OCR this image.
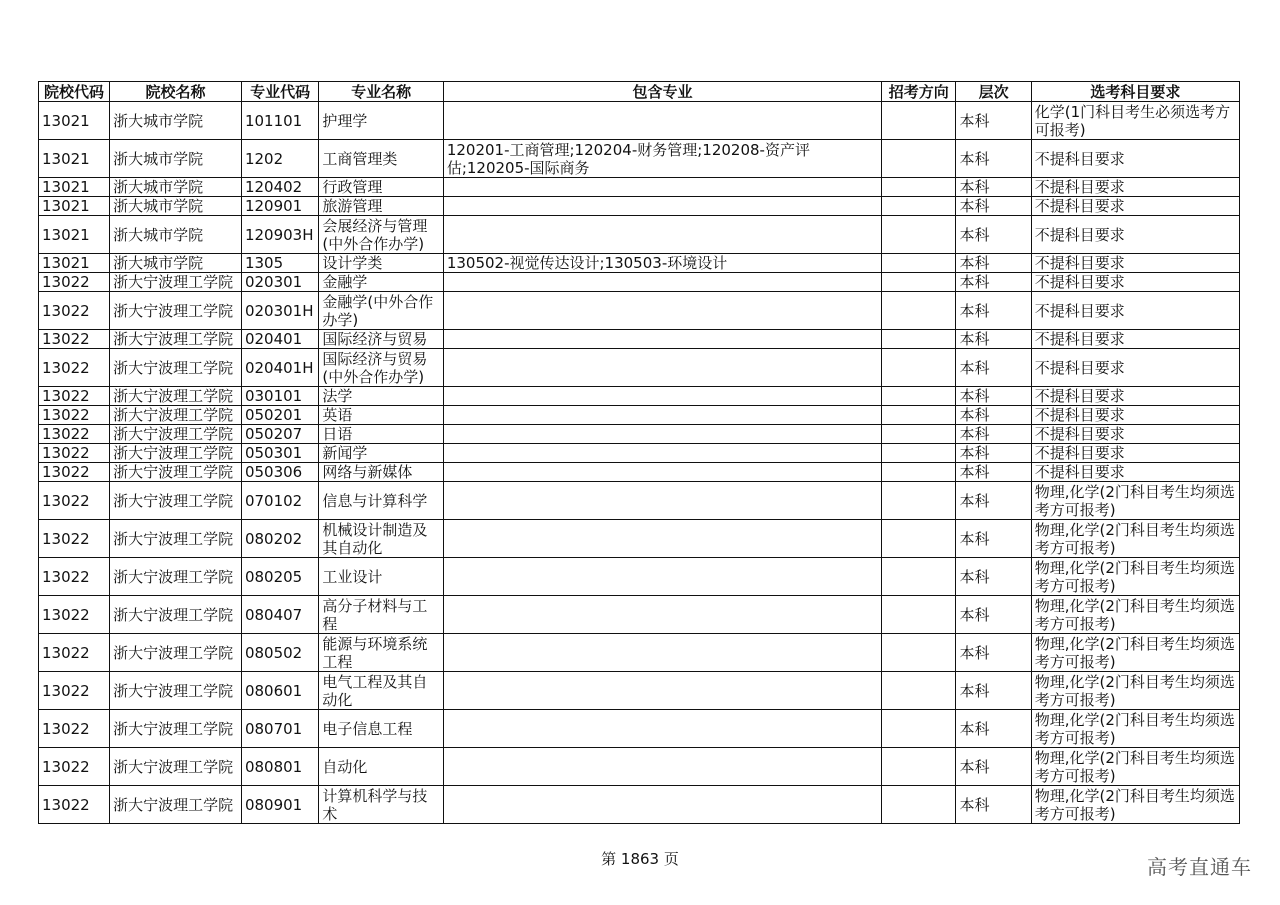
院校代码	院校名称	专业代码	专业名称	包含专业	招考方向	层次	选考科目要求
13021	浙大城市学院	101101	护理学			本科	化学(1门科目考生必须选考方可报考)
13021	浙大城市学院	1202	工商管理类	120201-工商管理;120204-财务管理;120208-资产评估;120205-国际商务		本科	不提科目要求
13021	浙大城市学院	120402	行政管理			本科	不提科目要求
13021	浙大城市学院	120901	旅游管理			本科	不提科目要求
13021	浙大城市学院	120903H	会展经济与管理(中外合作办学)			本科	不提科目要求
13021	浙大城市学院	1305	设计学类	130502-视觉传达设计;130503-环境设计		本科	不提科目要求
13022	浙大宁波理工学院	020301	金融学			本科	不提科目要求
13022	浙大宁波理工学院	020301H	金融学(中外合作办学)			本科	不提科目要求
13022	浙大宁波理工学院	020401	国际经济与贸易			本科	不提科目要求
13022	浙大宁波理工学院	020401H	国际经济与贸易(中外合作办学)			本科	不提科目要求
13022	浙大宁波理工学院	030101	法学			本科	不提科目要求
13022	浙大宁波理工学院	050201	英语			本科	不提科目要求
13022	浙大宁波理工学院	050207	日语			本科	不提科目要求
13022	浙大宁波理工学院	050301	新闻学			本科	不提科目要求
13022	浙大宁波理工学院	050306	网络与新媒体			本科	不提科目要求
13022	浙大宁波理工学院	070102	信息与计算科学			本科	物理,化学(2门科目考生均须选考方可报考)
13022	浙大宁波理工学院	080202	机械设计制造及其自动化			本科	物理,化学(2门科目考生均须选考方可报考)
13022	浙大宁波理工学院	080205	工业设计			本科	物理,化学(2门科目考生均须选考方可报考)
13022	浙大宁波理工学院	080407	高分子材料与工程			本科	物理,化学(2门科目考生均须选考方可报考)
13022	浙大宁波理工学院	080502	能源与环境系统工程			本科	物理,化学(2门科目考生均须选考方可报考)
13022	浙大宁波理工学院	080601	电气工程及其自动化			本科	物理,化学(2门科目考生均须选考方可报考)
13022	浙大宁波理工学院	080701	电子信息工程			本科	物理,化学(2门科目考生均须选考方可报考)
13022	浙大宁波理工学院	080801	自动化			本科	物理,化学(2门科目考生均须选考方可报考)
13022	浙大宁波理工学院	080901	计算机科学与技术			本科	物理,化学(2门科目考生均须选考方可报考)
第 1863 页	高考直通车
